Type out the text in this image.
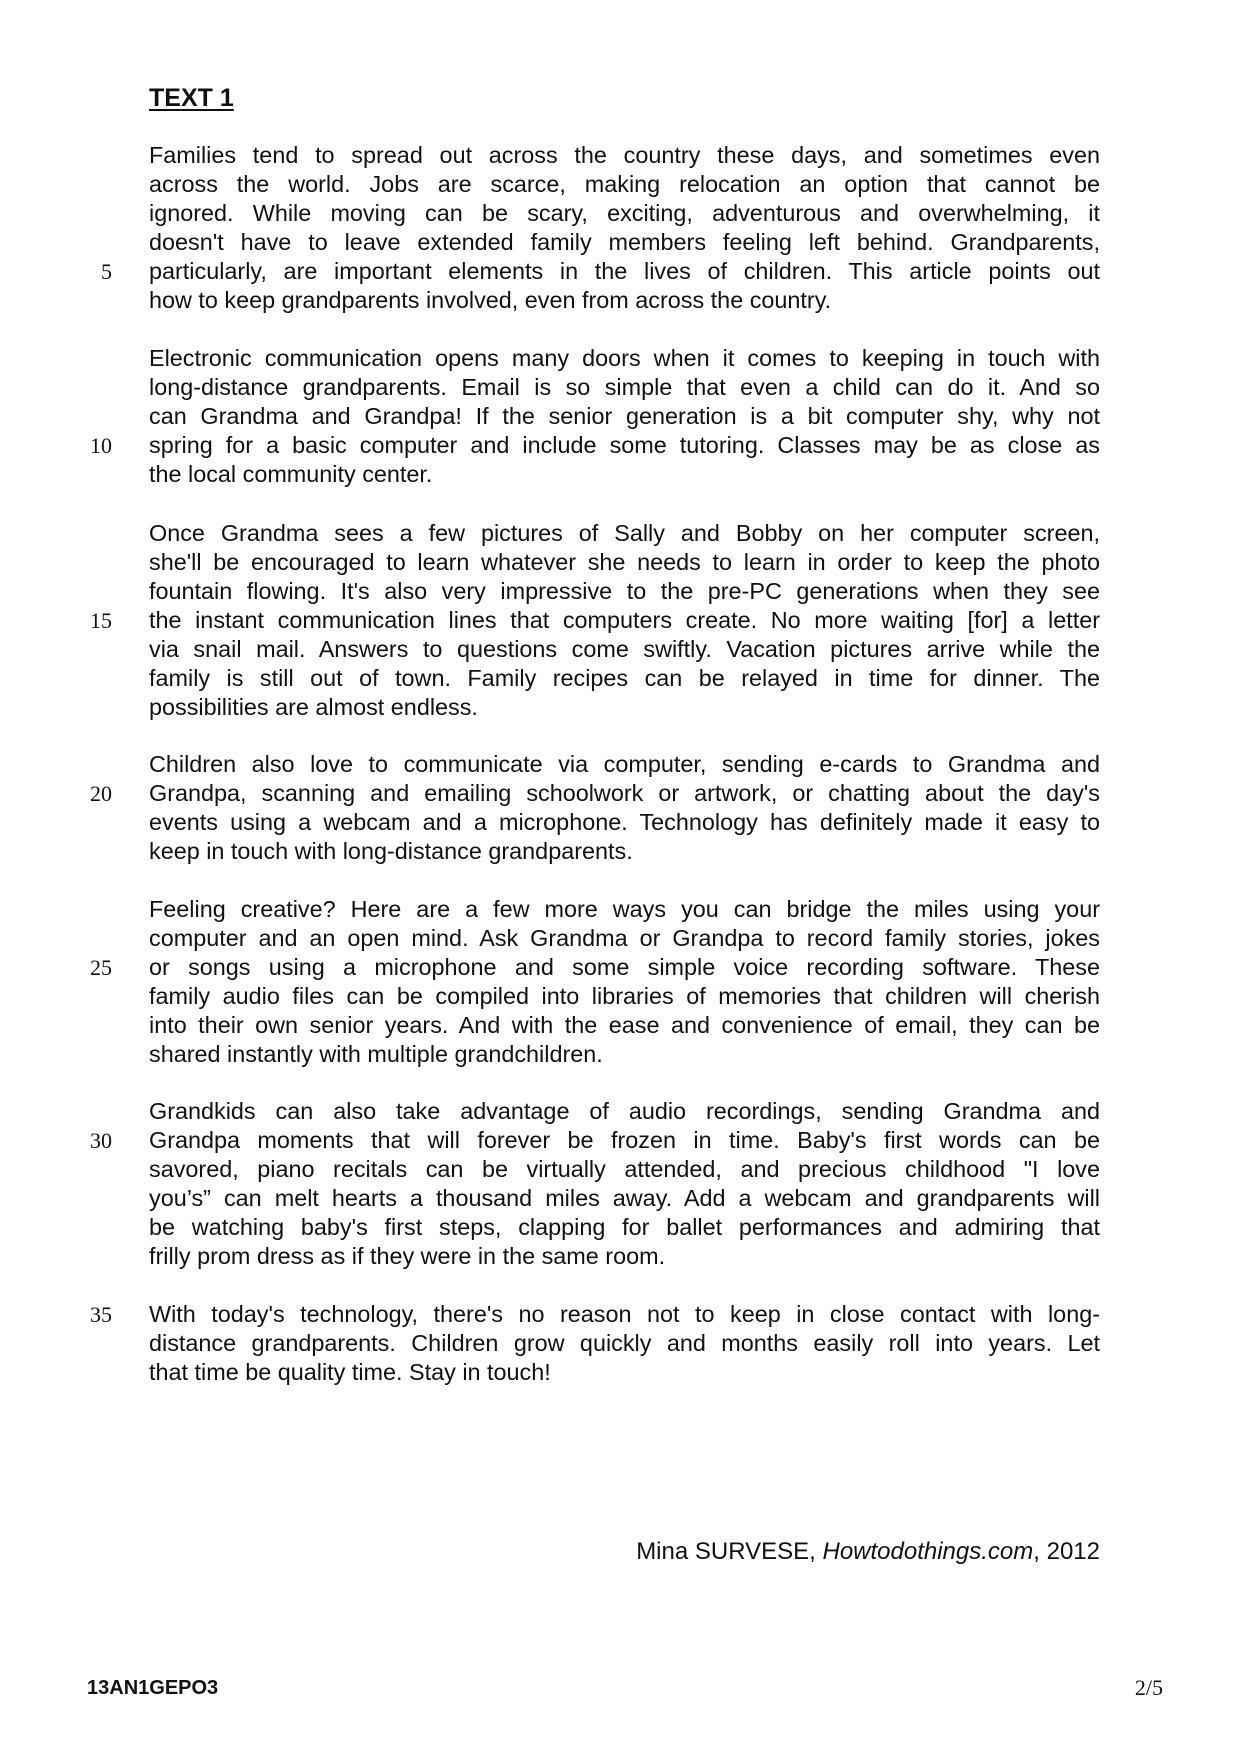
TEXT 1
Families tend to spread out across the country these days, and sometimes even
across the world. Jobs are scarce, making relocation an option that cannot be
ignored. While moving can be scary, exciting, adventurous and overwhelming, it
doesn't have to leave extended family members feeling left behind. Grandparents,
particularly, are important elements in the lives of children. This article points out
how to keep grandparents involved, even from across the country.
Electronic communication opens many doors when it comes to keeping in touch with
long-distance grandparents. Email is so simple that even a child can do it. And so
can Grandma and Grandpa! If the senior generation is a bit computer shy, why not
spring for a basic computer and include some tutoring. Classes may be as close as
the local community center.
Once Grandma sees a few pictures of Sally and Bobby on her computer screen,
she'll be encouraged to learn whatever she needs to learn in order to keep the photo
fountain flowing. It's also very impressive to the pre-PC generations when they see
the instant communication lines that computers create. No more waiting [for] a letter
via snail mail. Answers to questions come swiftly. Vacation pictures arrive while the
family is still out of town. Family recipes can be relayed in time for dinner. The
possibilities are almost endless.
Children also love to communicate via computer, sending e-cards to Grandma and
Grandpa, scanning and emailing schoolwork or artwork, or chatting about the day's
events using a webcam and a microphone. Technology has definitely made it easy to
keep in touch with long-distance grandparents.
Feeling creative? Here are a few more ways you can bridge the miles using your
computer and an open mind. Ask Grandma or Grandpa to record family stories, jokes
or songs using a microphone and some simple voice recording software. These
family audio files can be compiled into libraries of memories that children will cherish
into their own senior years. And with the ease and convenience of email, they can be
shared instantly with multiple grandchildren.
Grandkids can also take advantage of audio recordings, sending Grandma and
Grandpa moments that will forever be frozen in time. Baby's first words can be
savored, piano recitals can be virtually attended, and precious childhood "I love
you’s” can melt hearts a thousand miles away. Add a webcam and grandparents will
be watching baby's first steps, clapping for ballet performances and admiring that
frilly prom dress as if they were in the same room.
With today's technology, there's no reason not to keep in close contact with long-
distance grandparents. Children grow quickly and months easily roll into years. Let
that time be quality time. Stay in touch!
5
10
15
20
25
30
35
Mina SURVESE, Howtodothings.com, 2012
13AN1GEPO3	2/5
